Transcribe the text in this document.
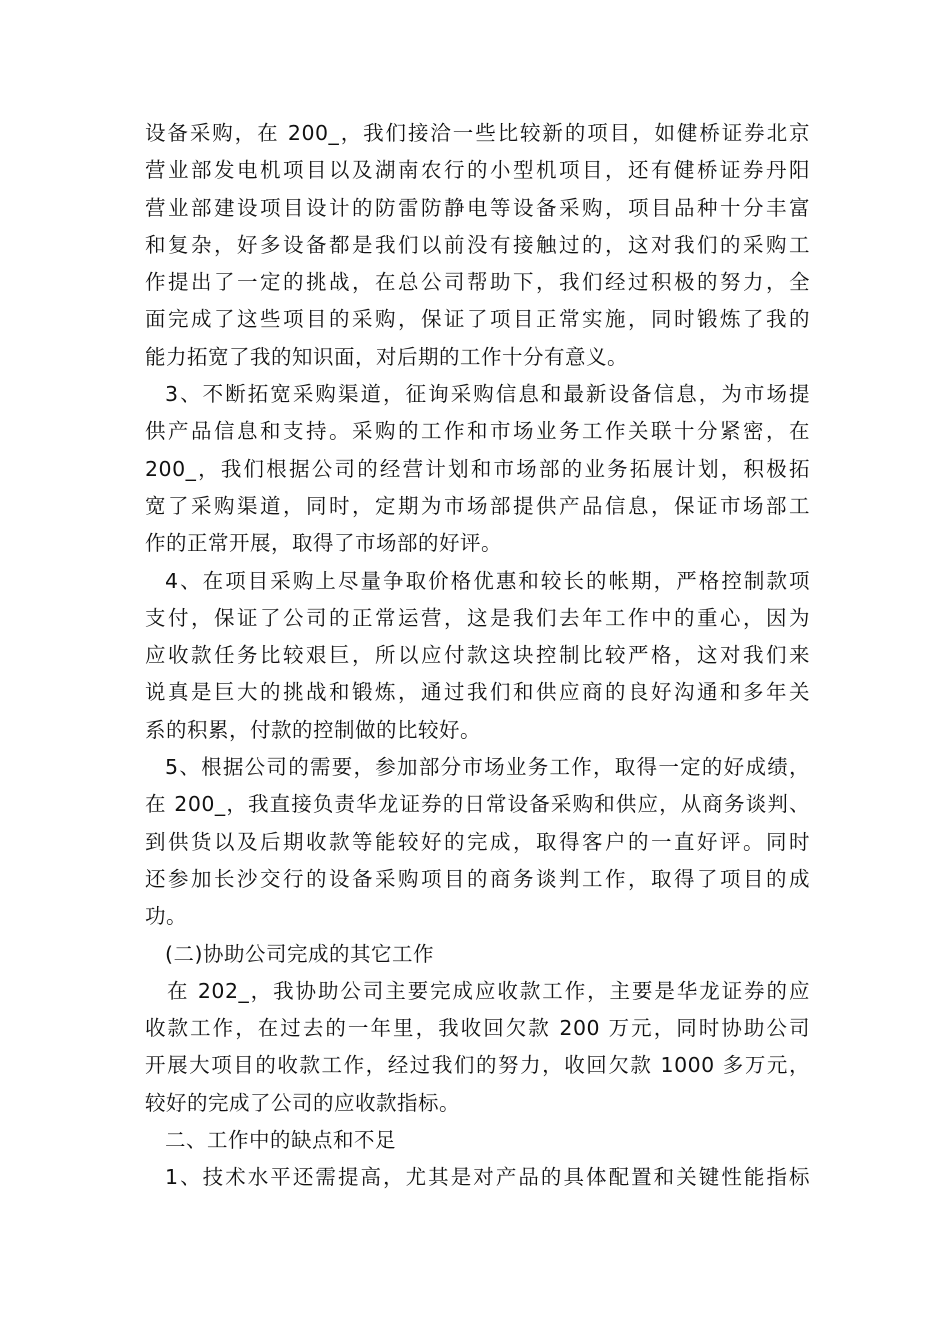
设备采购，在 200_，我们接洽一些比较新的项目，如健桥证券北京
营业部发电机项目以及湖南农行的小型机项目，还有健桥证券丹阳
营业部建设项目设计的防雷防静电等设备采购，项目品种十分丰富
和复杂，好多设备都是我们以前没有接触过的，这对我们的采购工
作提出了一定的挑战，在总公司帮助下，我们经过积极的努力，全
面完成了这些项目的采购，保证了项目正常实施，同时锻炼了我的
能力拓宽了我的知识面，对后期的工作十分有意义。
3、不断拓宽采购渠道，征询采购信息和最新设备信息，为市场提
供产品信息和支持。采购的工作和市场业务工作关联十分紧密，在
200_，我们根据公司的经营计划和市场部的业务拓展计划，积极拓
宽了采购渠道，同时，定期为市场部提供产品信息，保证市场部工
作的正常开展，取得了市场部的好评。
4、在项目采购上尽量争取价格优惠和较长的帐期，严格控制款项
支付，保证了公司的正常运营，这是我们去年工作中的重心，因为
应收款任务比较艰巨，所以应付款这块控制比较严格，这对我们来
说真是巨大的挑战和锻炼，通过我们和供应商的良好沟通和多年关
系的积累，付款的控制做的比较好。
5、根据公司的需要，参加部分市场业务工作，取得一定的好成绩，
在 200_，我直接负责华龙证券的日常设备采购和供应，从商务谈判、
到供货以及后期收款等能较好的完成，取得客户的一直好评。同时
还参加长沙交行的设备采购项目的商务谈判工作，取得了项目的成
功。
(二)协助公司完成的其它工作
在 202_，我协助公司主要完成应收款工作，主要是华龙证券的应
收款工作，在过去的一年里，我收回欠款 200 万元，同时协助公司
开展大项目的收款工作，经过我们的努力，收回欠款 1000 多万元，
较好的完成了公司的应收款指标。
二、工作中的缺点和不足
1、技术水平还需提高，尤其是对产品的具体配置和关键性能指标
